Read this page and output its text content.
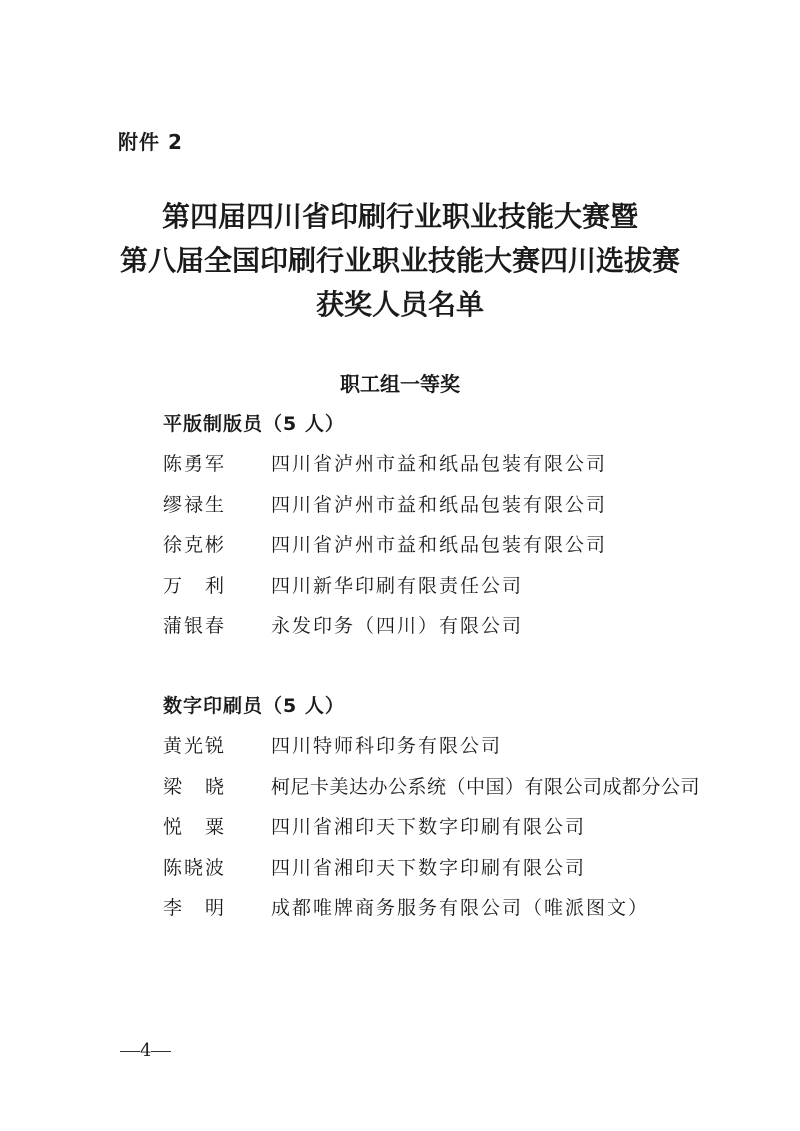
附件 2
第四届四川省印刷行业职业技能大赛暨
第八届全国印刷行业职业技能大赛四川选拔赛
获奖人员名单
职工组一等奖
平版制版员（5 人）
陈勇军	四川省泸州市益和纸品包装有限公司
缪禄生	四川省泸州市益和纸品包装有限公司
徐克彬	四川省泸州市益和纸品包装有限公司
万　利	四川新华印刷有限责任公司
蒲银春	永发印务（四川）有限公司
数字印刷员（5 人）
黄光锐	四川特师科印务有限公司
梁　晓	柯尼卡美达办公系统（中国）有限公司成都分公司
悦　粟	四川省湘印天下数字印刷有限公司
陈晓波	四川省湘印天下数字印刷有限公司
李　明	成都唯牌商务服务有限公司（唯派图文）
4
